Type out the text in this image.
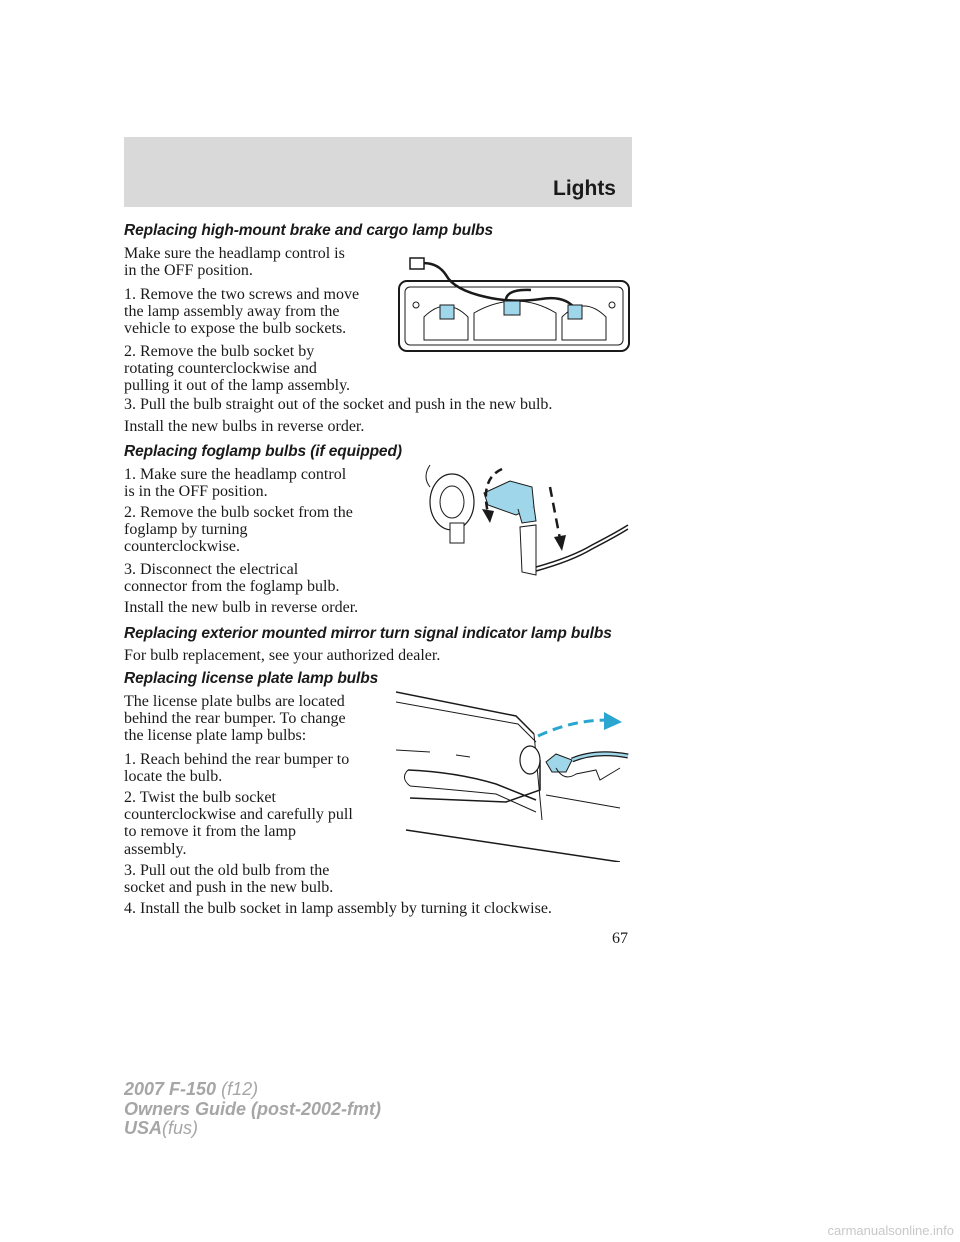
Lights
Replacing high-mount brake and cargo lamp bulbs
Make sure the headlamp control is
in the OFF position.
1. Remove the two screws and move
the lamp assembly away from the
vehicle to expose the bulb sockets.
2. Remove the bulb socket by
rotating counterclockwise and
pulling it out of the lamp assembly.
3. Pull the bulb straight out of the socket and push in the new bulb.
Install the new bulbs in reverse order.
Replacing foglamp bulbs (if equipped)
1. Make sure the headlamp control
is in the OFF position.
2. Remove the bulb socket from the
foglamp by turning
counterclockwise.
3. Disconnect the electrical
connector from the foglamp bulb.
Install the new bulb in reverse order.
Replacing exterior mounted mirror turn signal indicator lamp bulbs
For bulb replacement, see your authorized dealer.
Replacing license plate lamp bulbs
The license plate bulbs are located
behind the rear bumper. To change
the license plate lamp bulbs:
1. Reach behind the rear bumper to
locate the bulb.
2. Twist the bulb socket
counterclockwise and carefully pull
to remove it from the lamp
assembly.
3. Pull out the old bulb from the
socket and push in the new bulb.
4. Install the bulb socket in lamp assembly by turning it clockwise.
67
2007 F-150 (f12)
Owners Guide (post-2002-fmt)
USA(fus)
carmanualsonline.info
